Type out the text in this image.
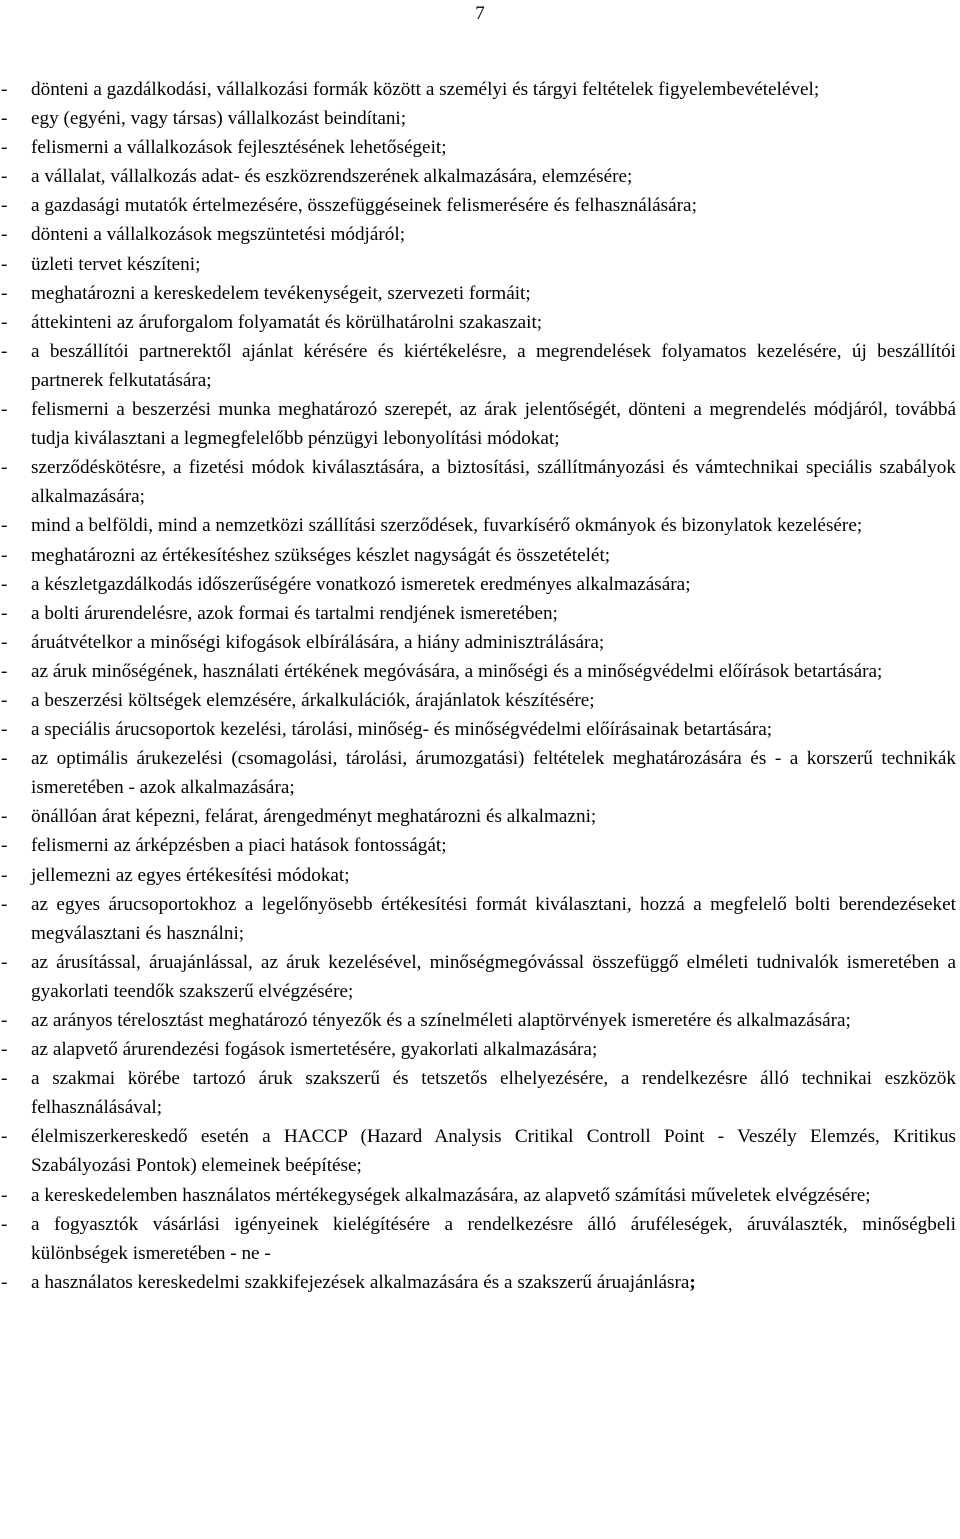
7
- dönteni a gazdálkodási, vállalkozási formák között a személyi és tárgyi feltételek figyelembevételével;
- egy (egyéni, vagy társas) vállalkozást beindítani;
- felismerni a vállalkozások fejlesztésének lehetőségeit;
- a vállalat, vállalkozás adat- és eszközrendszerének alkalmazására, elemzésére;
- a gazdasági mutatók értelmezésére, összefüggéseinek felismerésére és felhasználására;
- dönteni a vállalkozások megszüntetési módjáról;
- üzleti tervet készíteni;
- meghatározni a kereskedelem tevékenységeit, szervezeti formáit;
- áttekinteni az áruforgalom folyamatát és körülhatárolni szakaszait;
- a beszállítói partnerektől ajánlat kérésére és kiértékelésre, a megrendelések folyamatos kezelésére, új beszállítói partnerek felkutatására;
- felismerni a beszerzési munka meghatározó szerepét, az árak jelentőségét, dönteni a megrendelés módjáról, továbbá tudja kiválasztani a legmegfelelőbb pénzügyi lebonyolítási módokat;
- szerződéskötésre, a fizetési módok kiválasztására, a biztosítási, szállítmányozási és vámtechnikai speciális szabályok alkalmazására;
- mind a belföldi, mind a nemzetközi szállítási szerződések, fuvarkísérő okmányok és bizonylatok kezelésére;
- meghatározni az értékesítéshez szükséges készlet nagyságát és összetételét;
- a készletgazdálkodás időszerűségére vonatkozó ismeretek eredményes alkalmazására;
- a bolti árurendelésre, azok formai és tartalmi rendjének ismeretében;
- áruátvételkor a minőségi kifogások elbírálására, a hiány adminisztrálására;
- az áruk minőségének, használati értékének megóvására, a minőségi és a minőségvédelmi előírások betartására;
- a beszerzési költségek elemzésére, árkalkulációk, árajánlatok készítésére;
- a speciális árucsoportok kezelési, tárolási, minőség- és minőségvédelmi előírásainak betartására;
- az optimális árukezelési (csomagolási, tárolási, árumozgatási) feltételek meghatározására és - a korszerű technikák ismeretében - azok alkalmazására;
- önállóan árat képezni, felárat, árengedményt meghatározni és alkalmazni;
- felismerni az árképzésben a piaci hatások fontosságát;
- jellemezni az egyes értékesítési módokat;
- az egyes árucsoportokhoz a legelőnyösebb értékesítési formát kiválasztani, hozzá a megfelelő bolti berendezéseket megválasztani és használni;
- az árusítással, áruajánlással, az áruk kezelésével, minőségmegóvással összefüggő elméleti tudnivalók ismeretében a gyakorlati teendők szakszerű elvégzésére;
- az arányos térelosztást meghatározó tényezők és a színelméleti alaptörvények ismeretére és alkalmazására;
- az alapvető árurendezési fogások ismertetésére, gyakorlati alkalmazására;
- a szakmai körébe tartozó áruk szakszerű és tetszetős elhelyezésére, a rendelkezésre álló technikai eszközök felhasználásával;
- élelmiszerkereskedő esetén a HACCP (Hazard Analysis Critikal Controll Point - Veszély Elemzés, Kritikus Szabályozási Pontok) elemeinek beépítése;
- a kereskedelemben használatos mértékegységek alkalmazására, az alapvető számítási műveletek elvégzésére;
- a fogyasztók vásárlási igényeinek kielégítésére a rendelkezésre álló áruféleségek, áruválaszték, minőségbeli különbségek ismeretében - ne -
- a használatos kereskedelmi szakkifejezések alkalmazására és a szakszerű áruajánlásra;
